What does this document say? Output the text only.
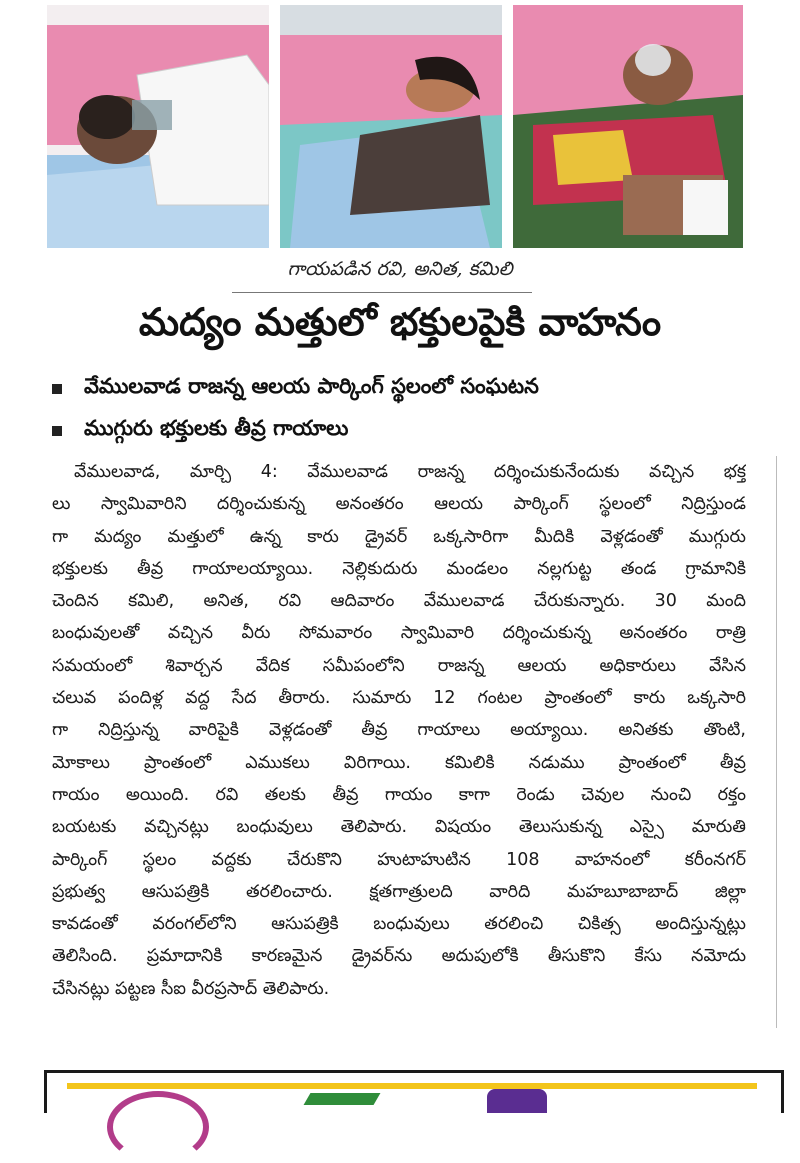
గాయపడిన రవి, అనిత, కమిలి
మద్యం మత్తులో భక్తులపైకి వాహనం
వేములవాడ రాజన్న ఆలయ పార్కింగ్ స్థలంలో సంఘటన
ముగ్గురు భక్తులకు తీవ్ర గాయాలు
వేములవాడ, మార్చి 4: వేములవాడ రాజన్న దర్శించుకునేందుకు వచ్చిన భక్త
లు స్వామివారిని దర్శించుకున్న అనంతరం ఆలయ పార్కింగ్ స్థలంలో నిద్రిస్తుండ
గా మద్యం మత్తులో ఉన్న కారు డ్రైవర్ ఒక్కసారిగా మీదికి వెళ్లడంతో ముగ్గురు
భక్తులకు తీవ్ర గాయాలయ్యాయి. నెల్లికుదురు మండలం నల్లగుట్ట తండ గ్రామానికి
చెందిన కమిలి, అనిత, రవి ఆదివారం వేములవాడ చేరుకున్నారు. 30 మంది
బంధువులతో వచ్చిన వీరు సోమవారం స్వామివారి దర్శించుకున్న అనంతరం రాత్రి
సమయంలో శివార్చన వేదిక సమీపంలోని రాజన్న ఆలయ అధికారులు వేసిన
చలువ పందిళ్ల వద్ద సేద తీరారు. సుమారు 12 గంటల ప్రాంతంలో కారు ఒక్కసారి
గా నిద్రిస్తున్న వారిపైకి వెళ్లడంతో తీవ్ర గాయాలు అయ్యాయి. అనితకు తొంటి,
మోకాలు ప్రాంతంలో ఎముకలు విరిగాయి. కమిలికి నడుము ప్రాంతంలో తీవ్ర
గాయం అయింది. రవి తలకు తీవ్ర గాయం కాగా రెండు చెవుల నుంచి రక్తం
బయటకు వచ్చినట్లు బంధువులు తెలిపారు. విషయం తెలుసుకున్న ఎస్సై మారుతి
పార్కింగ్ స్థలం వద్దకు చేరుకొని హుటాహుటిన 108 వాహనంలో కరీంనగర్
ప్రభుత్వ ఆసుపత్రికి తరలించారు. క్షతగాత్రులది వారిది మహబూబాబాద్ జిల్లా
కావడంతో వరంగల్‌లోని ఆసుపత్రికి బంధువులు తరలించి చికిత్స అందిస్తున్నట్లు
తెలిసింది. ప్రమాదానికి కారణమైన డ్రైవర్‌ను అదుపులోకి తీసుకొని కేసు నమోదు
చేసినట్లు పట్టణ సీఐ వీరప్రసాద్ తెలిపారు.
